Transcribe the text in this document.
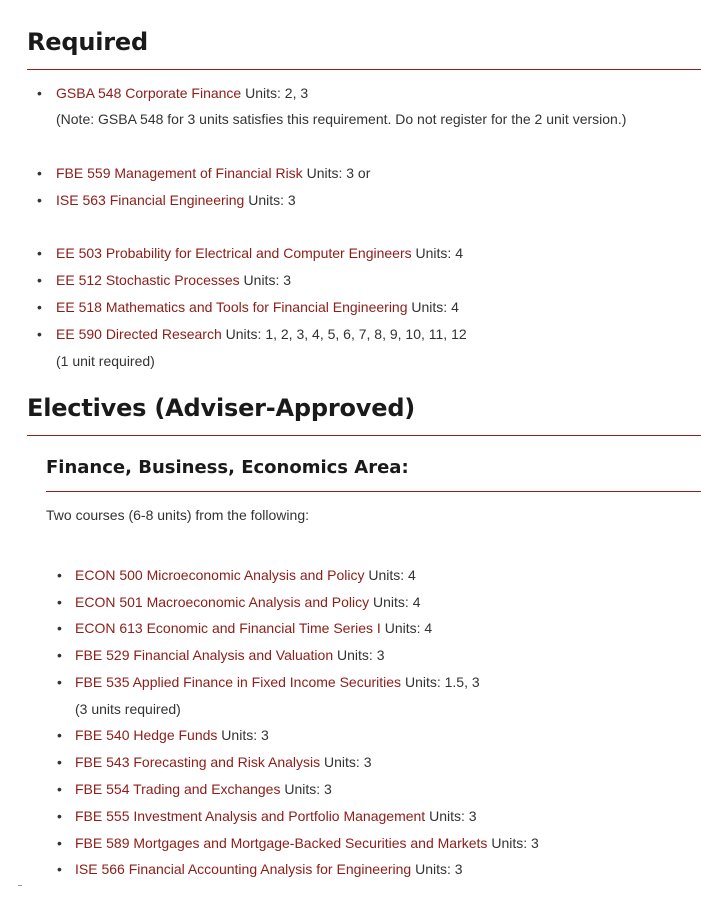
Required
• GSBA 548 Corporate Finance Units: 2, 3
(Note: GSBA 548 for 3 units satisfies this requirement. Do not register for the 2 unit version.)
• FBE 559 Management of Financial Risk Units: 3 or
• ISE 563 Financial Engineering Units: 3
• EE 503 Probability for Electrical and Computer Engineers Units: 4
• EE 512 Stochastic Processes Units: 3
• EE 518 Mathematics and Tools for Financial Engineering Units: 4
• EE 590 Directed Research Units: 1, 2, 3, 4, 5, 6, 7, 8, 9, 10, 11, 12
(1 unit required)
Electives (Adviser-Approved)
Finance, Business, Economics Area:
Two courses (6-8 units) from the following:
• ECON 500 Microeconomic Analysis and Policy Units: 4
• ECON 501 Macroeconomic Analysis and Policy Units: 4
• ECON 613 Economic and Financial Time Series I Units: 4
• FBE 529 Financial Analysis and Valuation Units: 3
• FBE 535 Applied Finance in Fixed Income Securities Units: 1.5, 3
(3 units required)
• FBE 540 Hedge Funds Units: 3
• FBE 543 Forecasting and Risk Analysis Units: 3
• FBE 554 Trading and Exchanges Units: 3
• FBE 555 Investment Analysis and Portfolio Management Units: 3
• FBE 589 Mortgages and Mortgage-Backed Securities and Markets Units: 3
• ISE 566 Financial Accounting Analysis for Engineering Units: 3
